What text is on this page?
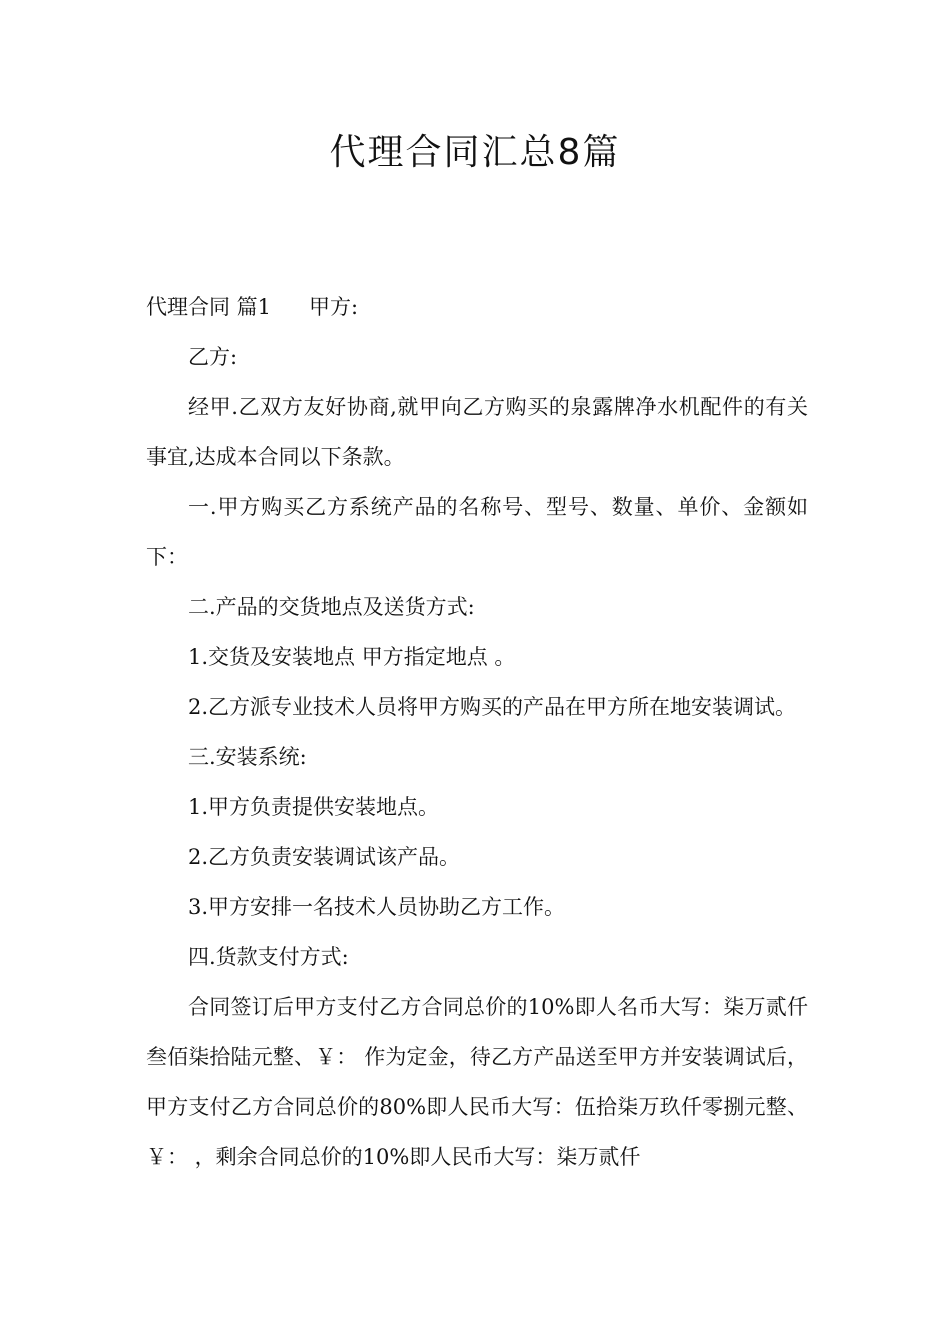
代理合同汇总8篇

代理合同 篇1 甲方:

乙方:

经甲.乙双方友好协商,就甲向乙方购买的泉露牌净水机配件的有关事宜,达成本合同以下条款。

一.甲方购买乙方系统产品的名称号、型号、数量、单价、金额如下：

二.产品的交货地点及送货方式:

1.交货及安装地点 甲方指定地点 。

2.乙方派专业技术人员将甲方购买的产品在甲方所在地安装调试。

三.安装系统:

1.甲方负责提供安装地点。

2.乙方负责安装调试该产品。

3.甲方安排一名技术人员协助乙方工作。

四.货款支付方式:

合同签订后甲方支付乙方合同总价的10%即人名币大写：柒万贰仟叁佰柒拾陆元整、￥： 作为定金，待乙方产品送至甲方并安装调试后，甲方支付乙方合同总价的80%即人民币大写：伍拾柒万玖仟零捌元整、￥： ，剩余合同总价的10%即人民币大写：柒万贰仟
